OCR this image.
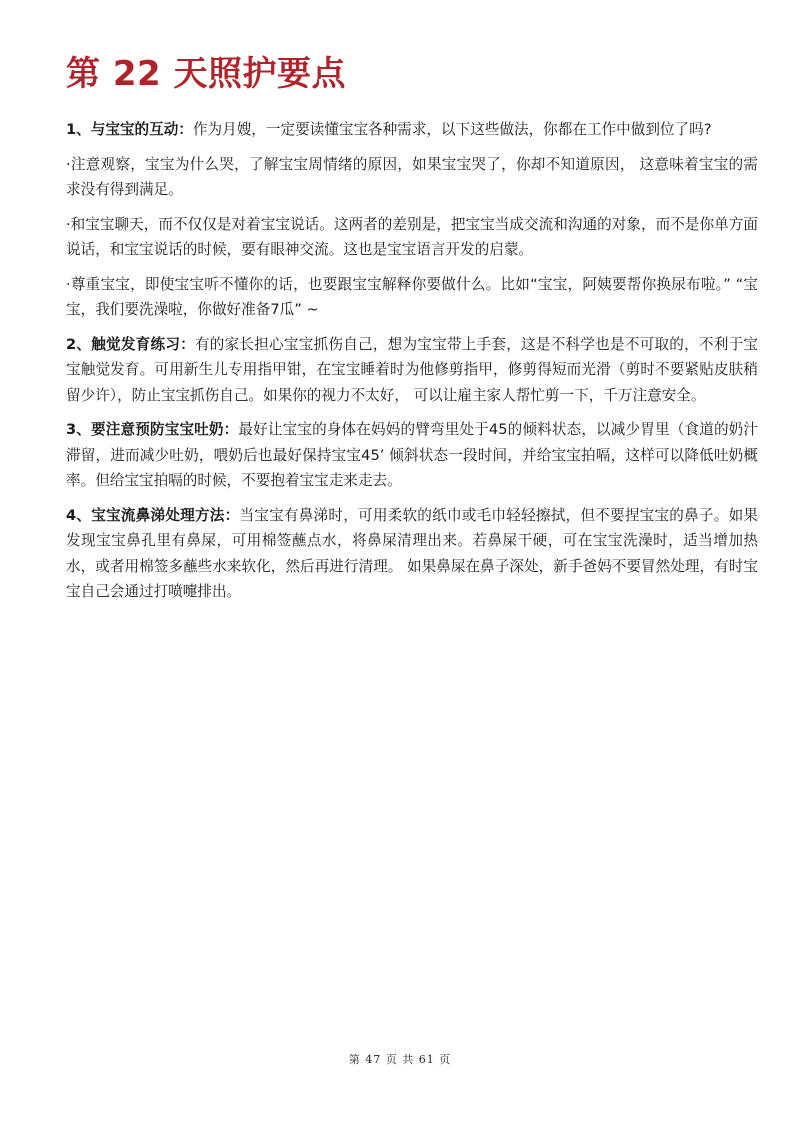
第 22 天照护要点

1、与宝宝的互动：作为月嫂，一定要读懂宝宝各种需求，以下这些做法，你都在工作中做到位了吗?

·注意观察，宝宝为什么哭，了解宝宝周情绪的原因，如果宝宝哭了，你却不知道原因， 这意味着宝宝的需求没有得到满足。

·和宝宝聊天，而不仅仅是对着宝宝说话。这两者的差别是，把宝宝当成交流和沟通的对象，而不是你单方面说话，和宝宝说话的时候，要有眼神交流。这也是宝宝语言开发的启蒙。

·尊重宝宝，即使宝宝听不懂你的话，也要跟宝宝解释你要做什么。比如“宝宝，阿姨要帮你换尿布啦。” “宝宝，我们要洗澡啦，你做好准备7瓜” ~

2、触觉发育练习：有的家长担心宝宝抓伤自己，想为宝宝带上手套，这是不科学也是不可取的，不利于宝宝触觉发育。可用新生儿专用指甲钳，在宝宝睡着时为他修剪指甲，修剪得短而光滑（剪时不要紧贴皮肤稍留少许），防止宝宝抓伤自己。如果你的视力不太好， 可以让雇主家人帮忙剪一下，千万注意安全。

3、要注意预防宝宝吐奶：最好让宝宝的身体在妈妈的臂弯里处于45的倾料状态，以减少胃里（食道的奶汁滞留，进而减少吐奶，喂奶后也最好保持宝宝45’ 倾斜状态一段时间，并给宝宝拍嗝，这样可以降低吐奶概率。但给宝宝拍嗝的时候，不要抱着宝宝走来走去。

4、宝宝流鼻涕处理方法：当宝宝有鼻涕时，可用柔软的纸巾或毛巾轻轻擦拭，但不要捏宝宝的鼻子。如果发现宝宝鼻孔里有鼻屎，可用棉签蘸点水，将鼻屎清理出来。若鼻屎干硬，可在宝宝洗澡时，适当增加热水，或者用棉签多蘸些水来软化，然后再进行清理。 如果鼻屎在鼻子深处，新手爸妈不要冒然处理，有时宝宝自己会通过打喷嚏排出。

第 47 页 共 61 页
